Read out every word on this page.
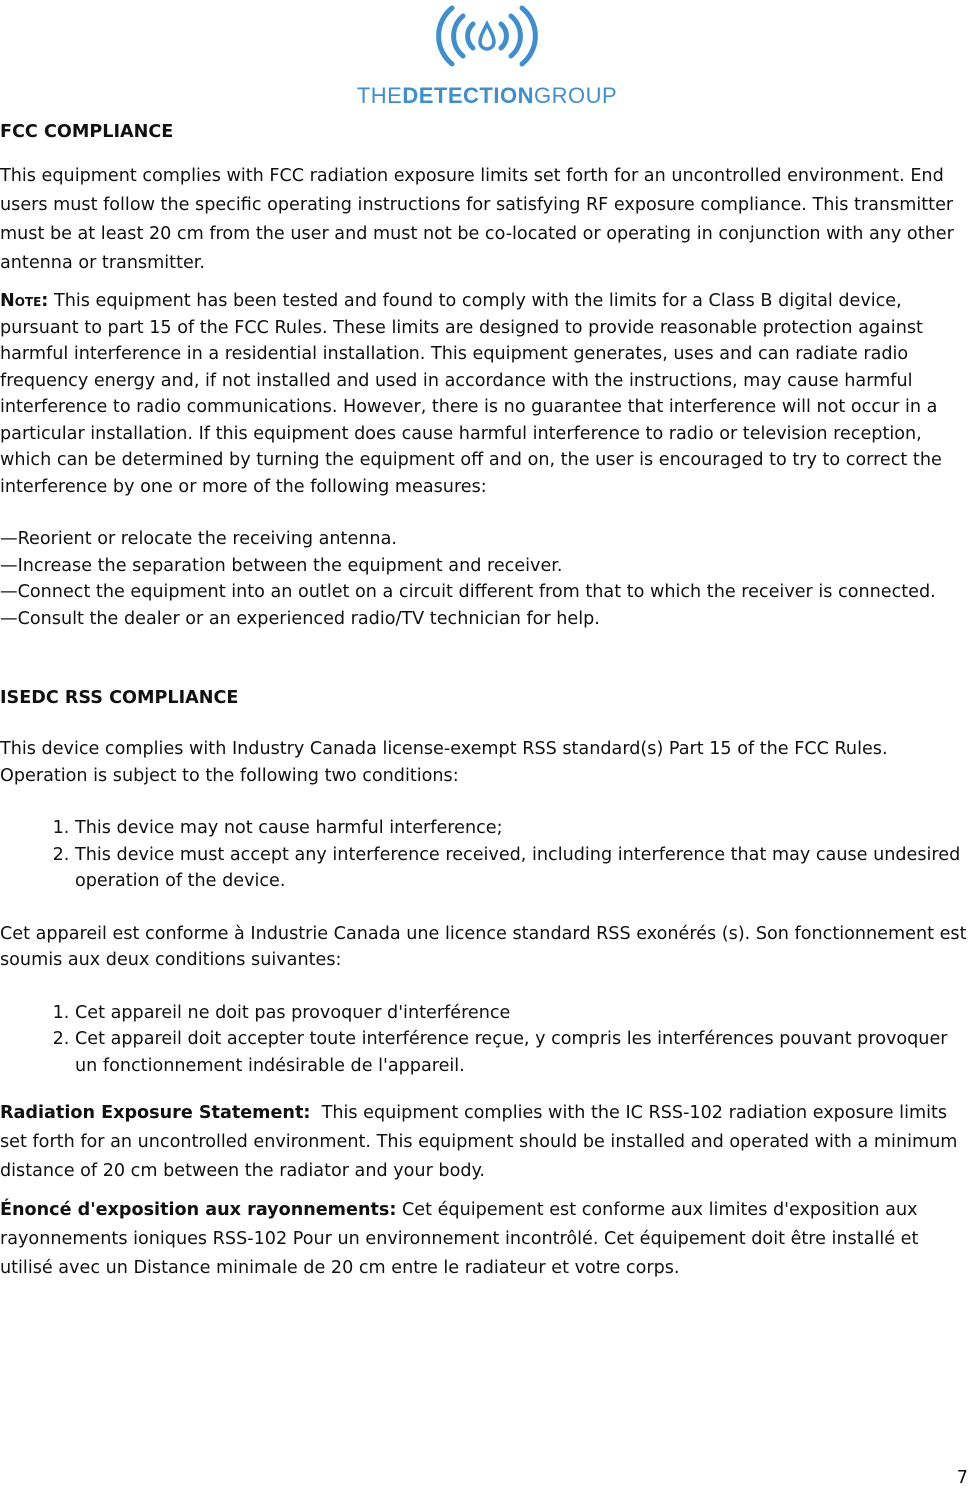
THEDETECTIONGROUP

FCC COMPLIANCE

This equipment complies with FCC radiation exposure limits set forth for an uncontrolled environment. End users must follow the specific operating instructions for satisfying RF exposure compliance. This transmitter must be at least 20 cm from the user and must not be co-located or operating in conjunction with any other antenna or transmitter.

Note: This equipment has been tested and found to comply with the limits for a Class B digital device, pursuant to part 15 of the FCC Rules. These limits are designed to provide reasonable protection against harmful interference in a residential installation. This equipment generates, uses and can radiate radio frequency energy and, if not installed and used in accordance with the instructions, may cause harmful interference to radio communications. However, there is no guarantee that interference will not occur in a particular installation. If this equipment does cause harmful interference to radio or television reception, which can be determined by turning the equipment off and on, the user is encouraged to try to correct the interference by one or more of the following measures:

—Reorient or relocate the receiving antenna.

—Increase the separation between the equipment and receiver.

—Connect the equipment into an outlet on a circuit different from that to which the receiver is connected.

—Consult the dealer or an experienced radio/TV technician for help.

ISEDC RSS COMPLIANCE

This device complies with Industry Canada license-exempt RSS standard(s) Part 15 of the FCC Rules. Operation is subject to the following two conditions:

1. This device may not cause harmful interference;
2. This device must accept any interference received, including interference that may cause undesired operation of the device.

Cet appareil est conforme à Industrie Canada une licence standard RSS exonérés (s). Son fonctionnement est soumis aux deux conditions suivantes:

1. Cet appareil ne doit pas provoquer d'interférence
2. Cet appareil doit accepter toute interférence reçue, y compris les interférences pouvant provoquer un fonctionnement indésirable de l'appareil.

Radiation Exposure Statement: This equipment complies with the IC RSS-102 radiation exposure limits set forth for an uncontrolled environment. This equipment should be installed and operated with a minimum distance of 20 cm between the radiator and your body.

Énoncé d'exposition aux rayonnements: Cet équipement est conforme aux limites d'exposition aux rayonnements ioniques RSS-102 Pour un environnement incontrôlé. Cet équipement doit être installé et utilisé avec un Distance minimale de 20 cm entre le radiateur et votre corps.

7
